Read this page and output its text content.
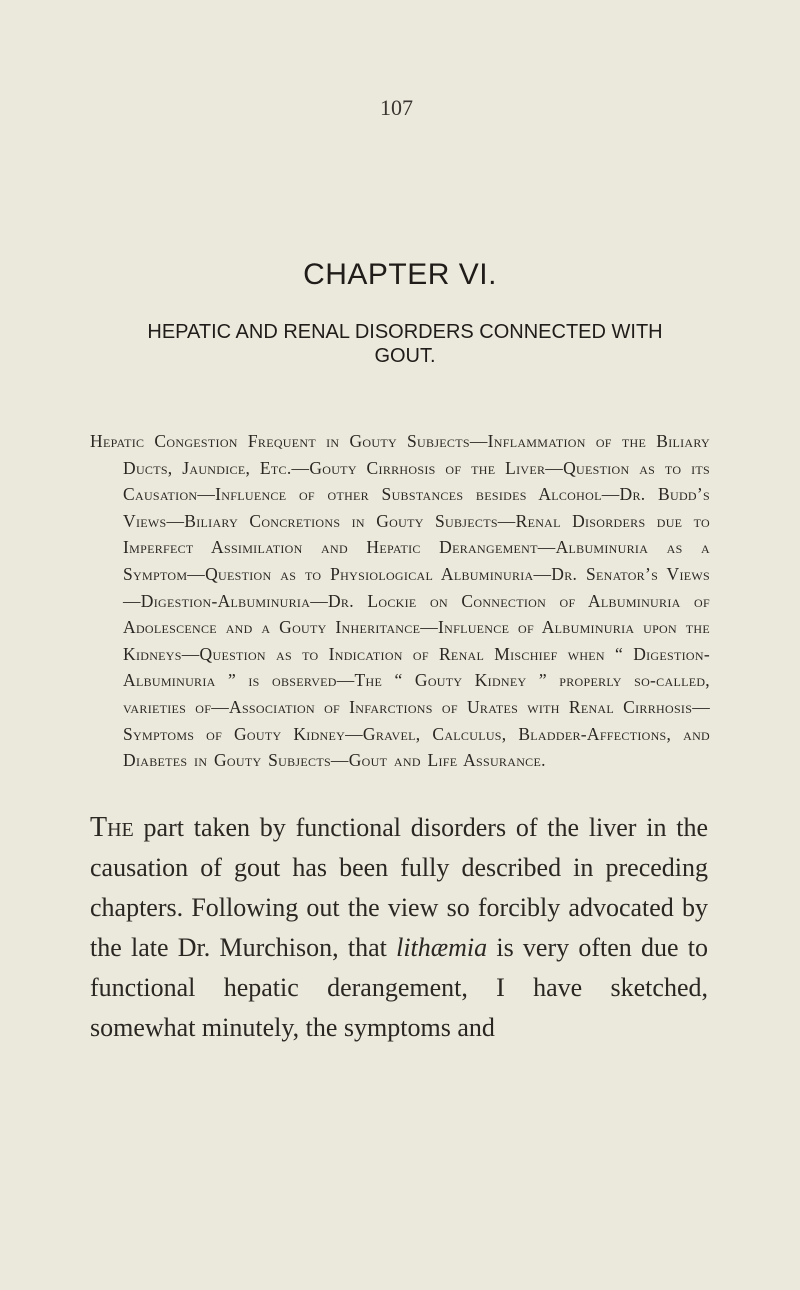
107
CHAPTER VI.
HEPATIC AND RENAL DISORDERS CONNECTED WITH GOUT.
Hepatic Congestion Frequent in Gouty Subjects—Inflammation of the Biliary Ducts, Jaundice, Etc.—Gouty Cirrhosis of the Liver—Question as to its Causation—Influence of other Substances besides Alcohol—Dr. Budd’s Views—Biliary Concretions in Gouty Subjects—Renal Disorders due to Imperfect Assimilation and Hepatic Derangement—Albuminuria as a Symptom—Question as to Physiological Albuminuria—Dr. Senator’s Views—Digestion-Albuminuria—Dr. Lockie on Connection of Albuminuria of Adolescence and a Gouty Inheritance—Influence of Albuminuria upon the Kidneys—Question as to Indication of Renal Mischief when “ Digestion-Albuminuria ” is observed—The “ Gouty Kidney ” properly so-called, varieties of—Association of Infarctions of Urates with Renal Cirrhosis—Symptoms of Gouty Kidney—Gravel, Calculus, Bladder-Affections, and Diabetes in Gouty Subjects—Gout and Life Assurance.
The part taken by functional disorders of the liver in the causation of gout has been fully described in preceding chapters. Following out the view so forcibly advocated by the late Dr. Murchison, that lithæmia is very often due to functional hepatic derangement, I have sketched, somewhat minutely, the symptoms and
